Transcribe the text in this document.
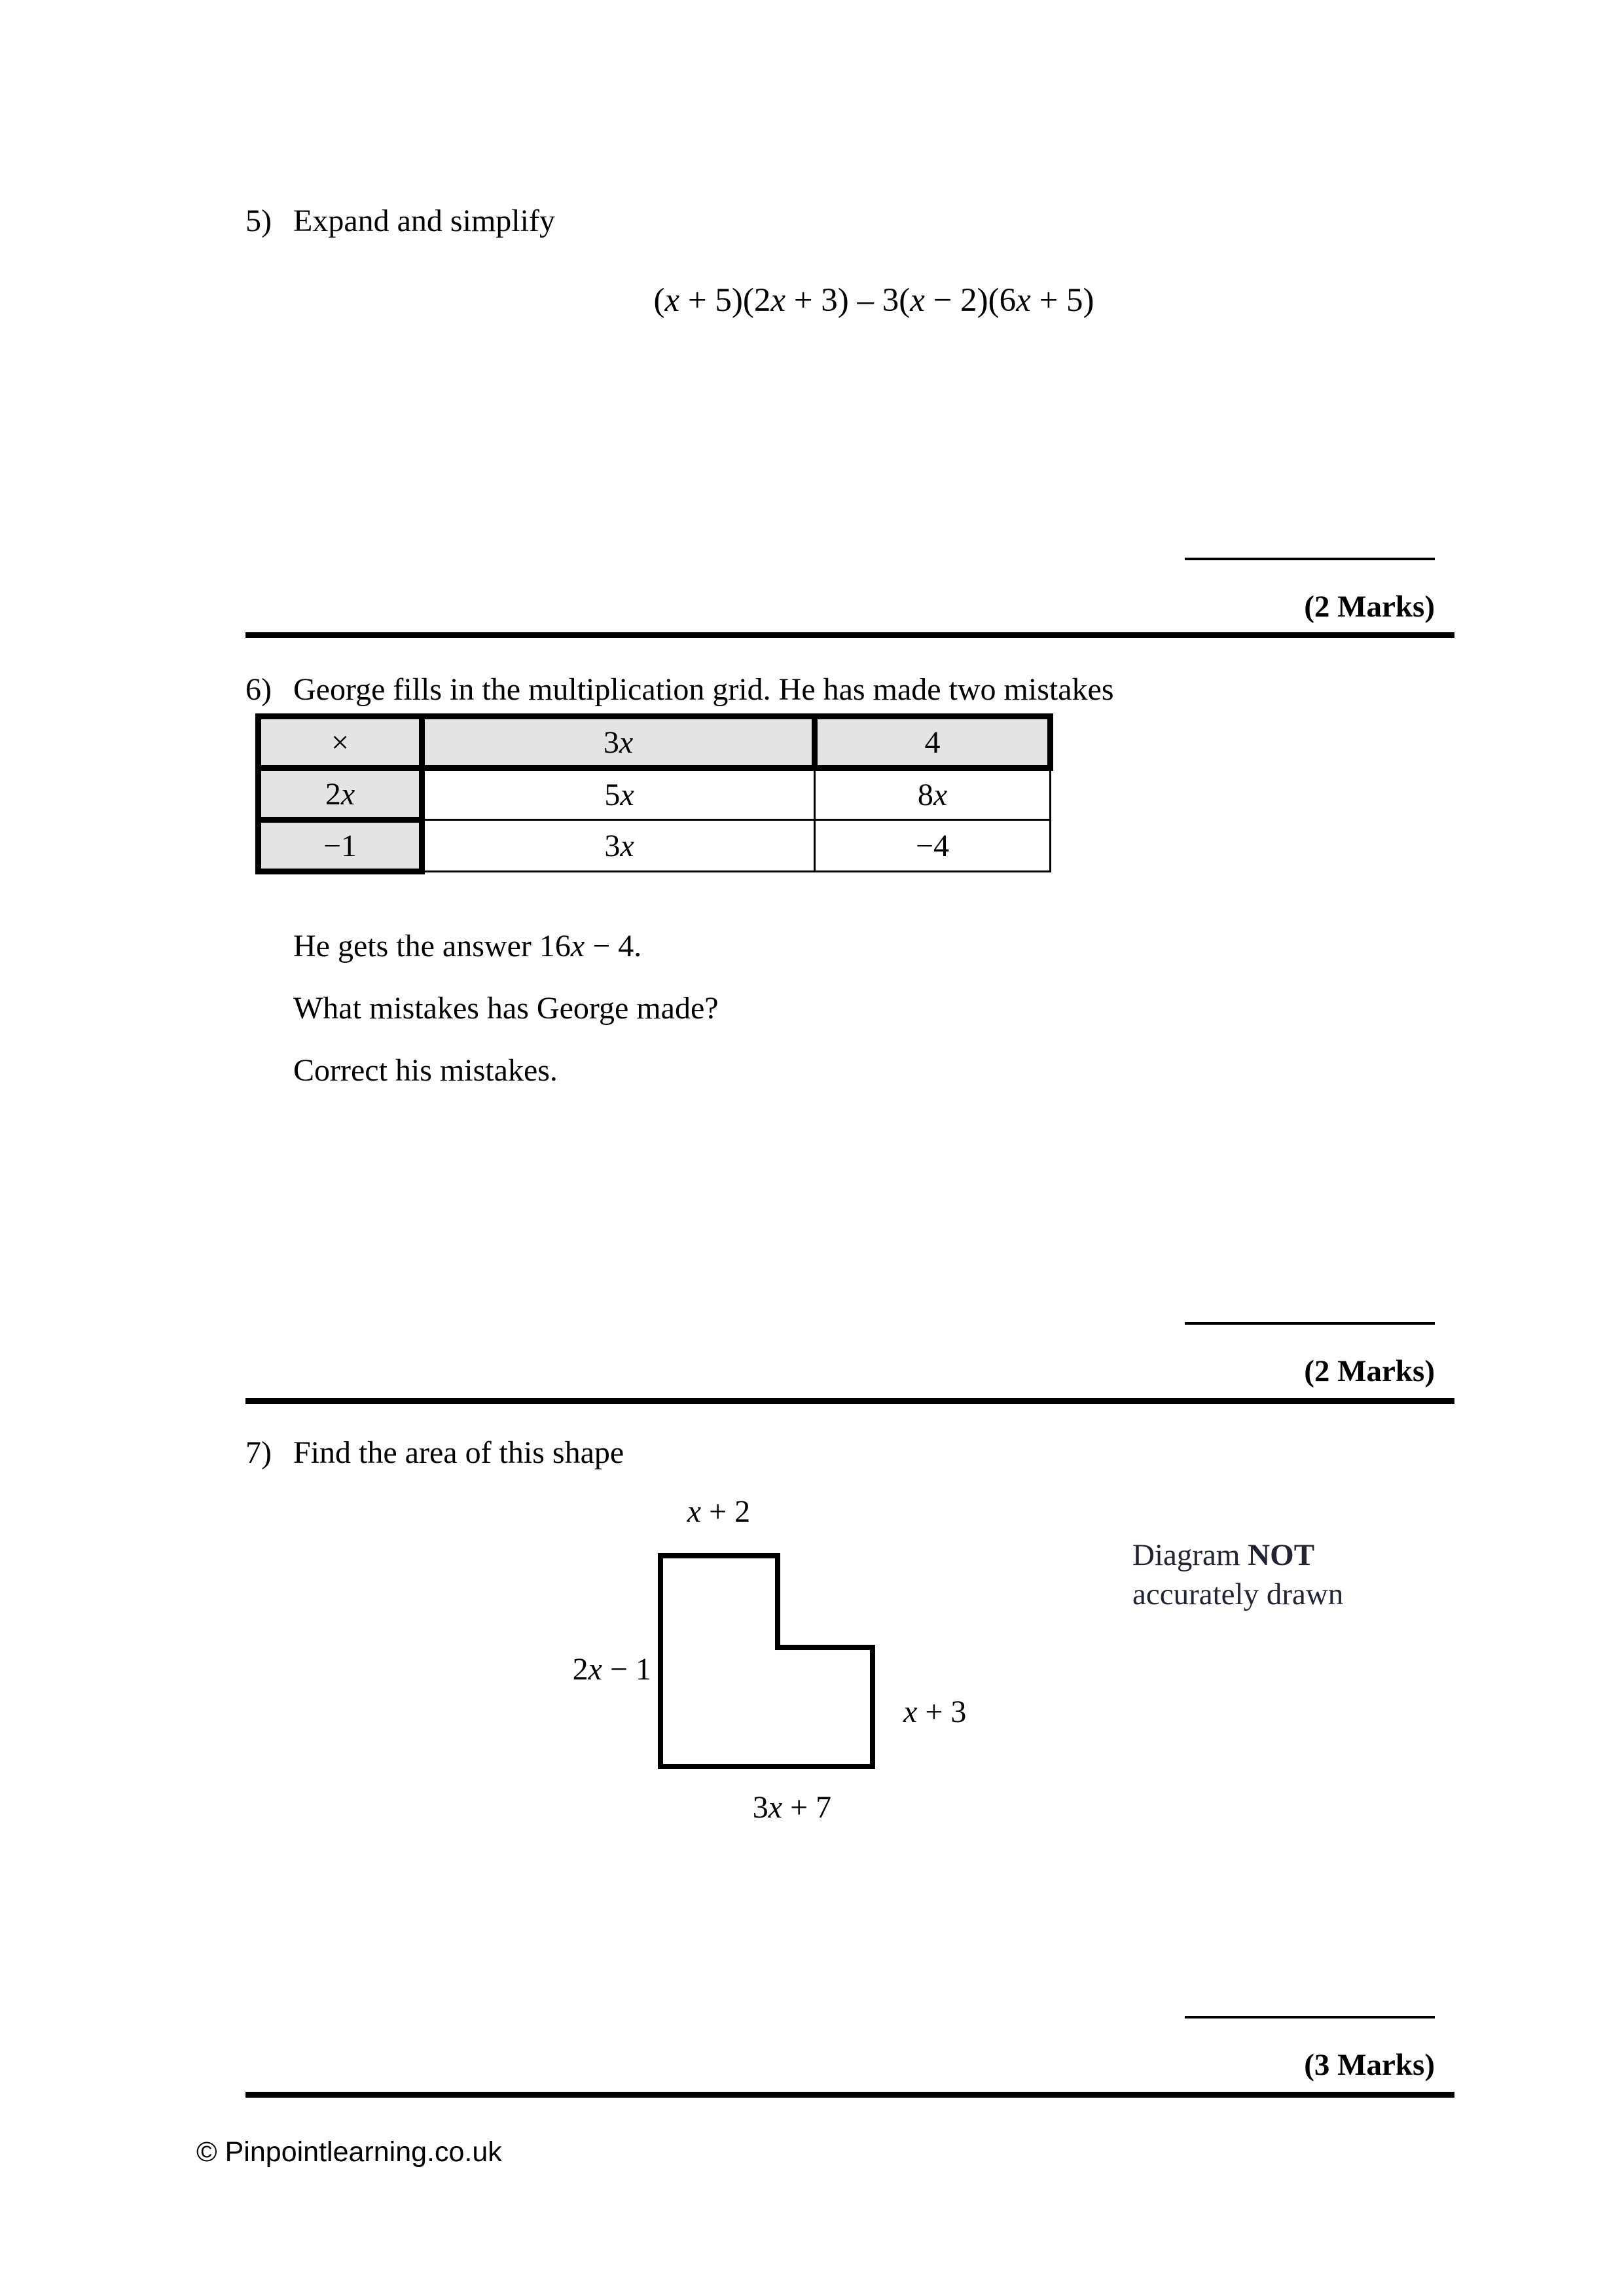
5) Expand and simplify
(x + 5)(2x + 3) – 3(x − 2)(6x + 5)
(2 Marks)
6) George fills in the multiplication grid. He has made two mistakes
×	3x	4
2x	5x	8x
−1	3x	−4
He gets the answer 16x − 4.
What mistakes has George made?
Correct his mistakes.
(2 Marks)
7) Find the area of this shape
x + 2
2x − 1
x + 3
3x + 7
Diagram NOT
accurately drawn
(3 Marks)
© Pinpointlearning.co.uk
